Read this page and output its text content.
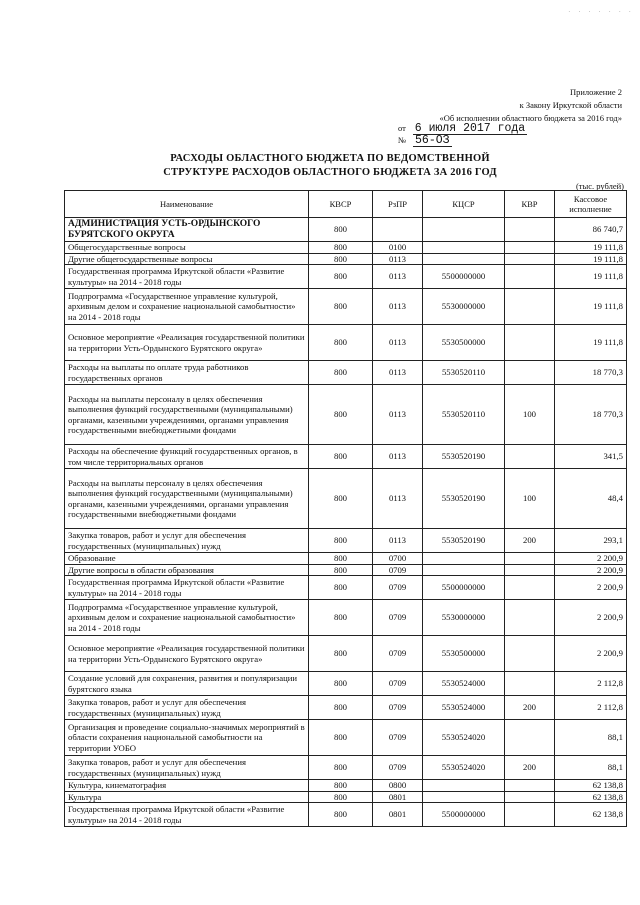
· · · · · · ·
Приложение 2
к Закону Иркутской области
«Об исполнении областного бюджета за 2016 год»
от 6 июля 2017 года
№ 56-ОЗ
РАСХОДЫ ОБЛАСТНОГО БЮДЖЕТА ПО ВЕДОМСТВЕННОЙ
СТРУКТУРЕ РАСХОДОВ ОБЛАСТНОГО БЮДЖЕТА ЗА 2016 ГОД
(тыс. рублей)
Наименование	КВСР	РзПР	КЦСР	КВР	Кассовое исполнение
АДМИНИСТРАЦИЯ УСТЬ-ОРДЫНСКОГО БУРЯТСКОГО ОКРУГА	800				86 740,7
Общегосударственные вопросы	800	0100			19 111,8
Другие общегосударственные вопросы	800	0113			19 111,8
Государственная программа Иркутской области «Развитие культуры» на 2014 - 2018 годы	800	0113	5500000000		19 111,8
Подпрограмма «Государственное управление культурой, архивным делом и сохранение национальной самобытности» на 2014 - 2018 годы	800	0113	5530000000		19 111,8
Основное мероприятие «Реализация государственной политики на территории Усть-Ордынского Бурятского округа»	800	0113	5530500000		19 111,8
Расходы на выплаты по оплате труда работников государственных органов	800	0113	5530520110		18 770,3
Расходы на выплаты персоналу в целях обеспечения выполнения функций государственными (муниципальными) органами, казенными учреждениями, органами управления государственными внебюджетными фондами	800	0113	5530520110	100	18 770,3
Расходы на обеспечение функций государственных органов, в том числе территориальных органов	800	0113	5530520190		341,5
Расходы на выплаты персоналу в целях обеспечения выполнения функций государственными (муниципальными) органами, казенными учреждениями, органами управления государственными внебюджетными фондами	800	0113	5530520190	100	48,4
Закупка товаров, работ и услуг для обеспечения государственных (муниципальных) нужд	800	0113	5530520190	200	293,1
Образование	800	0700			2 200,9
Другие вопросы в области образования	800	0709			2 200,9
Государственная программа Иркутской области «Развитие культуры» на 2014 - 2018 годы	800	0709	5500000000		2 200,9
Подпрограмма «Государственное управление культурой, архивным делом и сохранение национальной самобытности» на 2014 - 2018 годы	800	0709	5530000000		2 200,9
Основное мероприятие «Реализация государственной политики на территории Усть-Ордынского Бурятского округа»	800	0709	5530500000		2 200,9
Создание условий для сохранения, развития и популяризации бурятского языка	800	0709	5530524000		2 112,8
Закупка товаров, работ и услуг для обеспечения государственных (муниципальных) нужд	800	0709	5530524000	200	2 112,8
Организация и проведение социально-значимых мероприятий в области сохранения национальной самобытности на территории УОБО	800	0709	5530524020		88,1
Закупка товаров, работ и услуг для обеспечения государственных (муниципальных) нужд	800	0709	5530524020	200	88,1
Культура, кинематография	800	0800			62 138,8
Культура	800	0801			62 138,8
Государственная программа Иркутской области «Развитие культуры» на 2014 - 2018 годы	800	0801	5500000000		62 138,8
